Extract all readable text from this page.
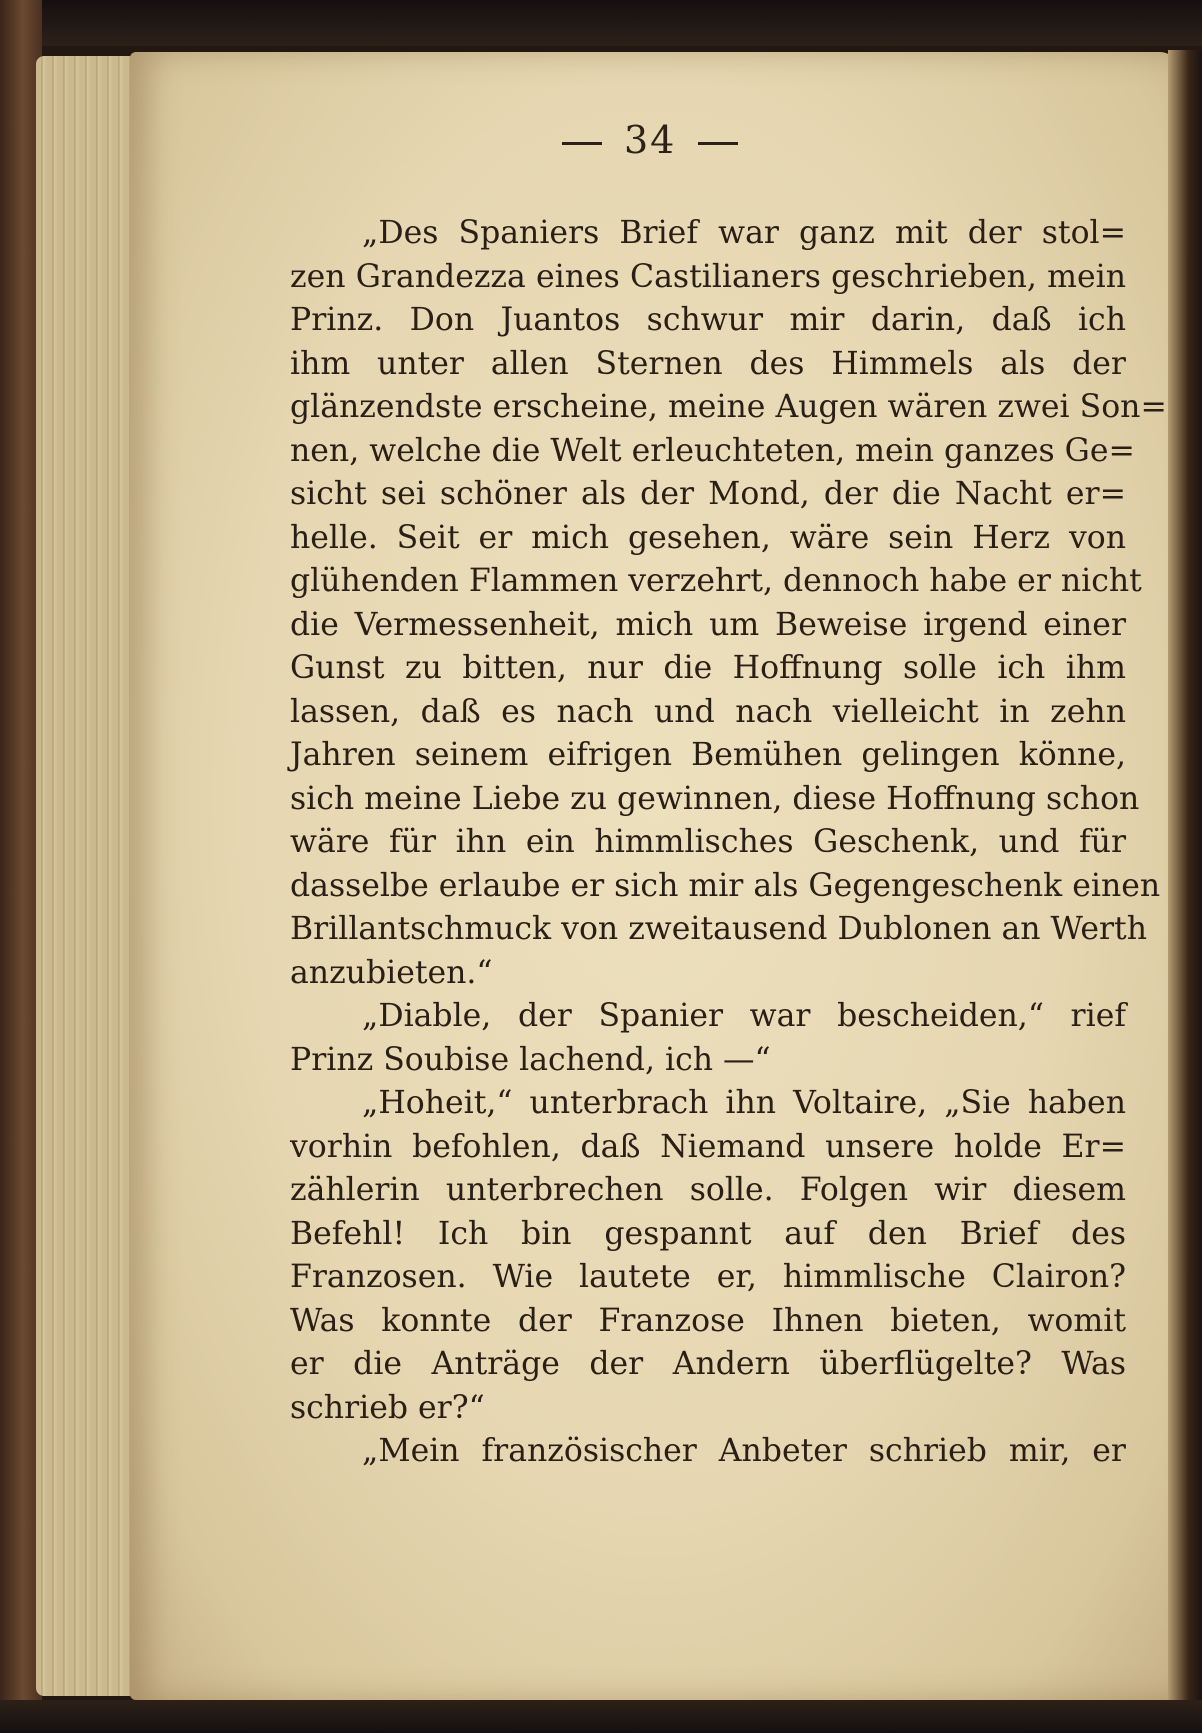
34
„Des Spaniers Brief war ganz mit der stol=
zen Grandezza eines Castilianers geschrieben, mein
Prinz. Don Juantos schwur mir darin, daß ich
ihm unter allen Sternen des Himmels als der
glänzendste erscheine, meine Augen wären zwei Son=
nen, welche die Welt erleuchteten, mein ganzes Ge=
sicht sei schöner als der Mond, der die Nacht er=
helle. Seit er mich gesehen, wäre sein Herz von
glühenden Flammen verzehrt, dennoch habe er nicht
die Vermessenheit, mich um Beweise irgend einer
Gunst zu bitten, nur die Hoffnung solle ich ihm
lassen, daß es nach und nach vielleicht in zehn
Jahren seinem eifrigen Bemühen gelingen könne,
sich meine Liebe zu gewinnen, diese Hoffnung schon
wäre für ihn ein himmlisches Geschenk, und für
dasselbe erlaube er sich mir als Gegengeschenk einen
Brillantschmuck von zweitausend Dublonen an Werth
anzubieten.“
„Diable, der Spanier war bescheiden,“ rief
Prinz Soubise lachend, ich —“
„Hoheit,“ unterbrach ihn Voltaire, „Sie haben
vorhin befohlen, daß Niemand unsere holde Er=
zählerin unterbrechen solle. Folgen wir diesem
Befehl! Ich bin gespannt auf den Brief des
Franzosen. Wie lautete er, himmlische Clairon?
Was konnte der Franzose Ihnen bieten, womit
er die Anträge der Andern überflügelte? Was
schrieb er?“
„Mein französischer Anbeter schrieb mir, er
